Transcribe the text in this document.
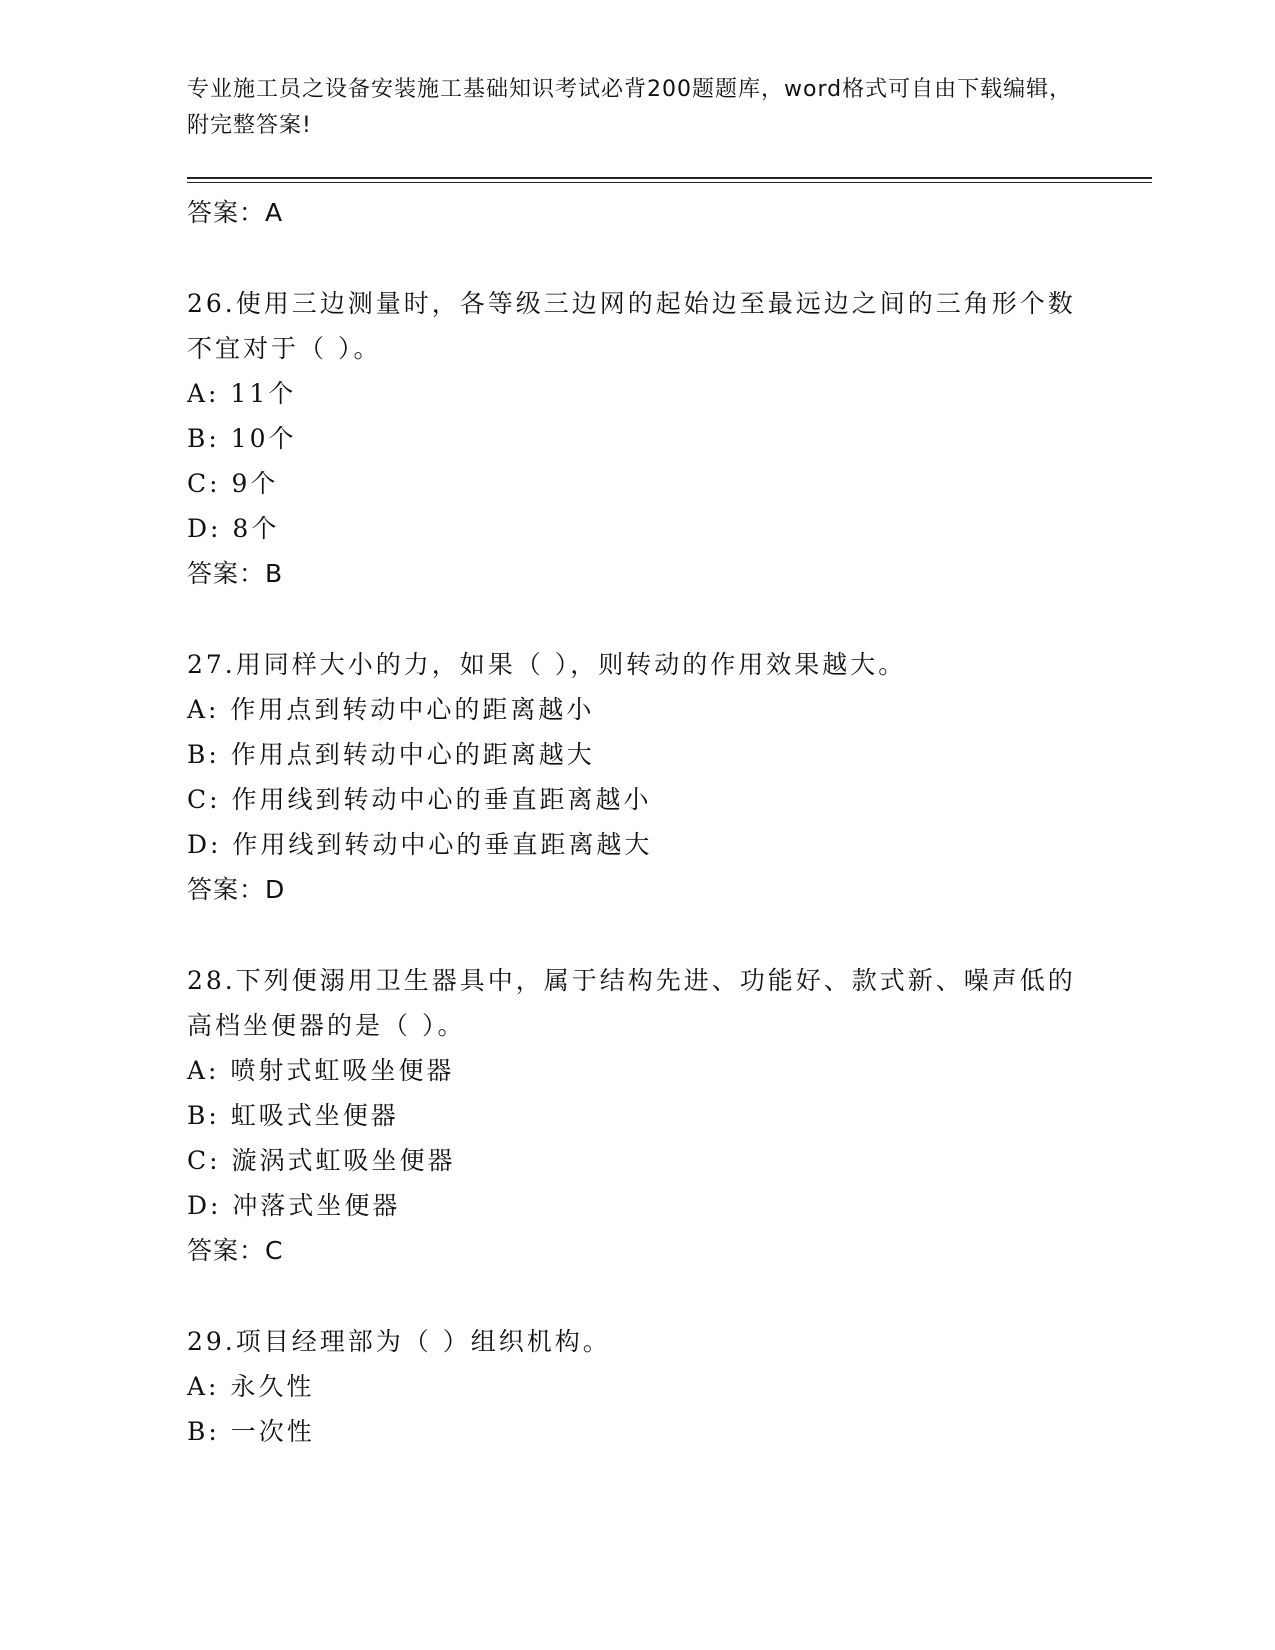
专业施工员之设备安装施工基础知识考试必背200题题库，word格式可自由下载编辑，附完整答案!
答案：A
26.使用三边测量时，各等级三边网的起始边至最远边之间的三角形个数不宜对于（ ）。
A: 11个
B: 10个
C: 9个
D: 8个
答案：B
27.用同样大小的力，如果（ ），则转动的作用效果越大。
A: 作用点到转动中心的距离越小
B: 作用点到转动中心的距离越大
C: 作用线到转动中心的垂直距离越小
D: 作用线到转动中心的垂直距离越大
答案：D
28.下列便溺用卫生器具中，属于结构先进、功能好、款式新、噪声低的高档坐便器的是（ ）。
A: 喷射式虹吸坐便器
B: 虹吸式坐便器
C: 漩涡式虹吸坐便器
D: 冲落式坐便器
答案：C
29.项目经理部为（ ）组织机构。
A: 永久性
B: 一次性
